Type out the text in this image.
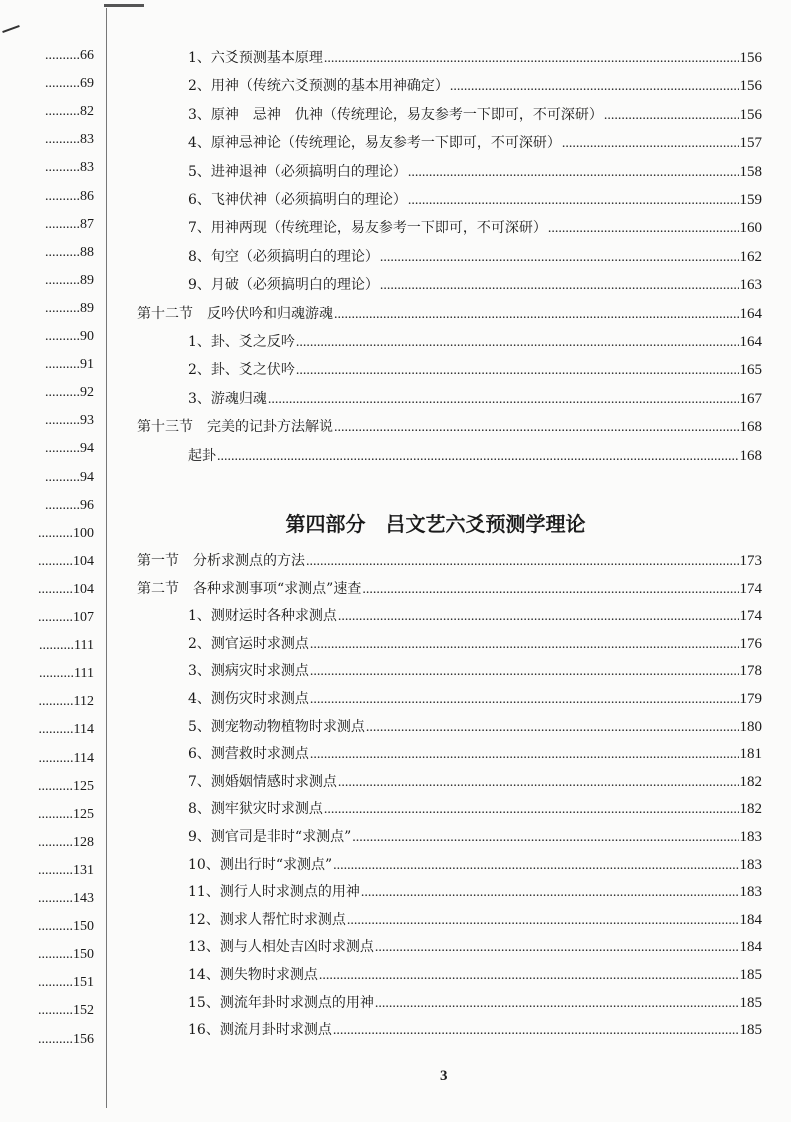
..... 66
..... 69
..... 82
..... 83
..... 83
..... 86
..... 87
..... 88
..... 89
..... 89
..... 90
..... 91
..... 92
..... 93
..... 94
..... 94
..... 96
..... 100
..... 104
..... 104
..... 107
..... 111
..... 111
..... 112
..... 114
..... 114
..... 125
..... 125
..... 128
..... 131
..... 143
..... 150
..... 150
..... 151
..... 152
..... 156
1、六爻预测基本原理 .....	156
2、用神（传统六爻预测的基本用神确定） .....	156
3、原神　忌神　仇神（传统理论，易友参考一下即可，不可深研） .....	156
4、原神忌神论（传统理论，易友参考一下即可，不可深研） .....	157
5、进神退神（必须搞明白的理论） .....	158
6、飞神伏神（必须搞明白的理论） .....	159
7、用神两现（传统理论，易友参考一下即可，不可深研） .....	160
8、旬空（必须搞明白的理论） .....	162
9、月破（必须搞明白的理论） .....	163
第十二节　反吟伏吟和归魂游魂 .....	164
1、卦、爻之反吟 .....	164
2、卦、爻之伏吟 .....	165
3、游魂归魂 .....	167
第十三节　完美的记卦方法解说 .....	168
起卦 .....	168
第四部分　吕文艺六爻预测学理论
第一节　分析求测点的方法 .....	173
第二节　各种求测事项“求测点”速查 .....	174
1、测财运时各种求测点 .....	174
2、测官运时求测点 .....	176
3、测病灾时求测点 .....	178
4、测伤灾时求测点 .....	179
5、测宠物动物植物时求测点 .....	180
6、测营救时求测点 .....	181
7、测婚姻情感时求测点 .....	182
8、测牢狱灾时求测点 .....	182
9、测官司是非时“求测点” .....	183
10、测出行时“求测点” .....	183
11、测行人时求测点的用神 .....	183
12、测求人帮忙时求测点 .....	184
13、测与人相处吉凶时求测点 .....	184
14、测失物时求测点 .....	185
15、测流年卦时求测点的用神 .....	185
16、测流月卦时求测点 .....	185
3
